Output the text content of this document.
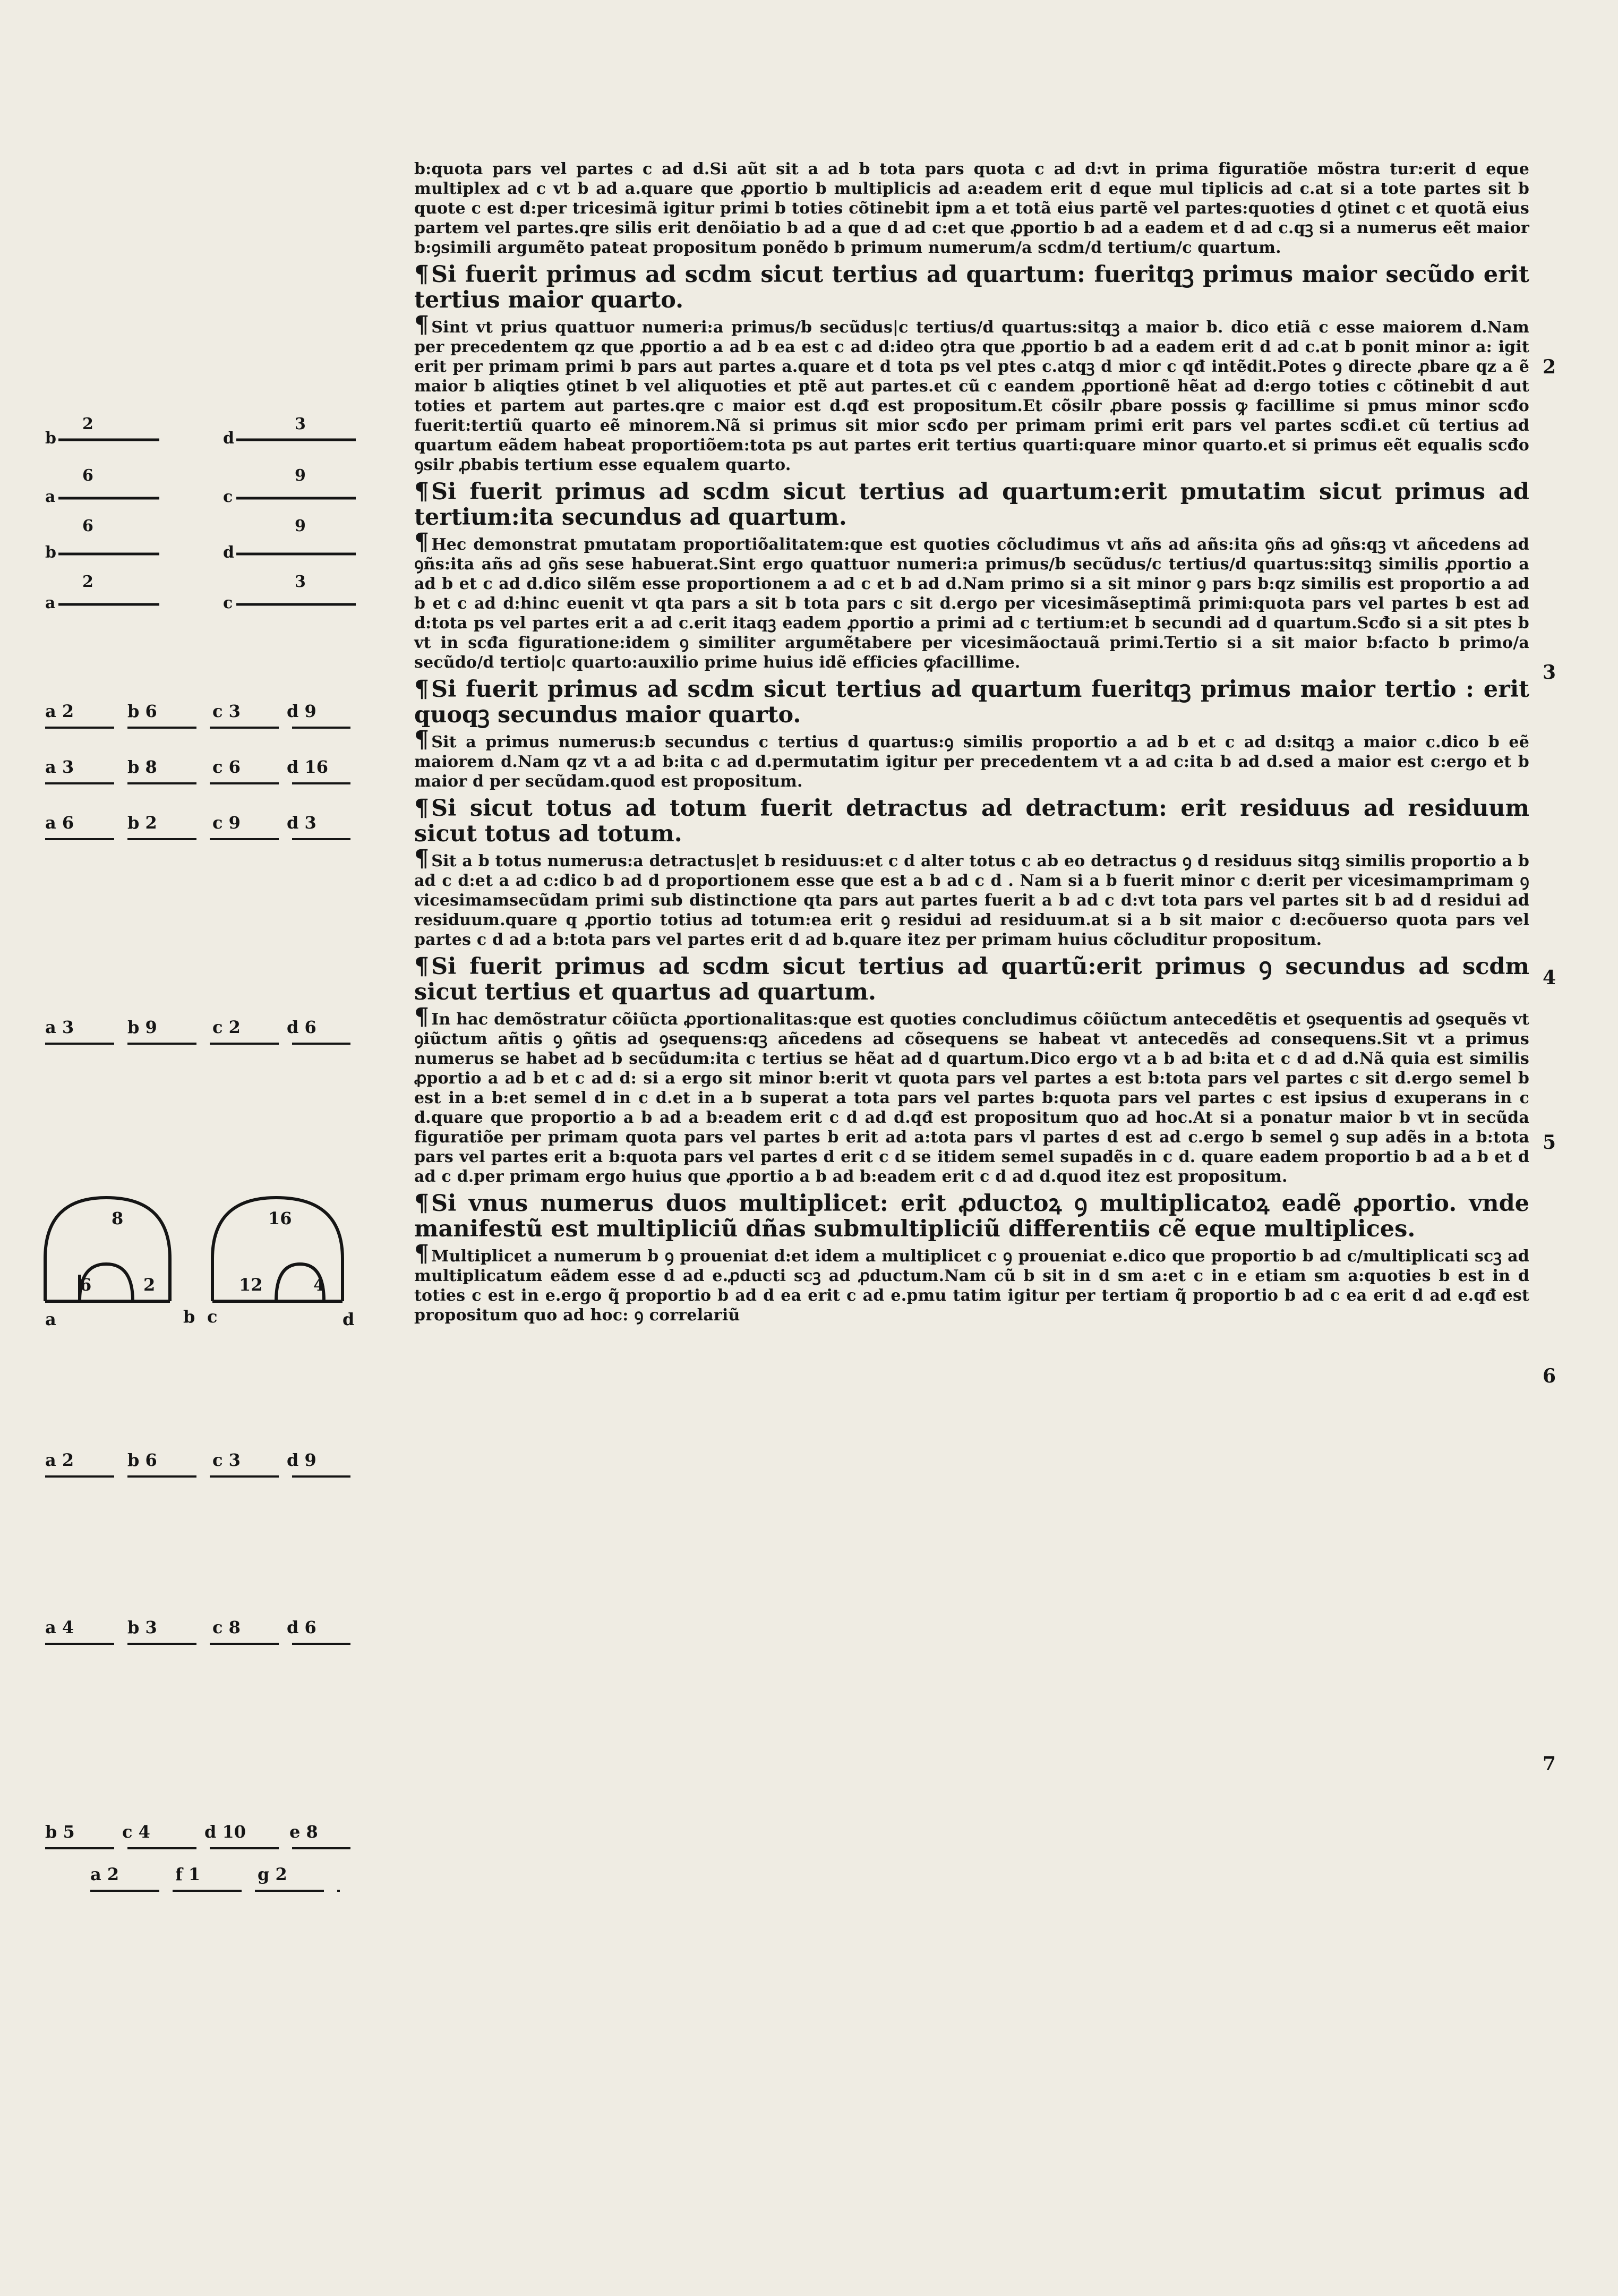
b:quota pars vel partes c ad d.Si aũt sit a ad b tota pars quota c ad d:vt in prima figuratiõe mõstra tur:erit d eque multiplex ad c vt b ad a.quare que ꝓportio b multiplicis ad a:eadem erit d eque mul tiplicis ad c.at si a tote partes sit b quote c est d:per tricesimã igitur primi b toties cõtinebit ipm a et totã eius partẽ vel partes:quoties d ꝯtinet c et quotã eius partem vel partes.qre silis erit denõiatio b ad a que d ad c:et que ꝓportio b ad a eadem et d ad c.qꝫ si a numerus eẽt maior b:ꝯsimili argumẽto pateat propositum ponẽdo b primum numerum/a scdm/d tertium/c quartum.

¶Si fuerit primus ad scdm sicut tertius ad quartum: fueritqꝫ primus maior secũdo erit tertius maior quarto.

¶ Sint vt prius quattuor numeri:a primus/b secũdus|c tertius/d quartus:sitqꝫ a maior b. dico etiã c esse maiorem d.Nam per precedentem qz que ꝓportio a ad b ea est c ad d:ideo ꝯtra que ꝓportio b ad a eadem erit d ad c.at b ponit minor a: igit erit per primam primi b pars aut partes a.quare et d tota ps vel ptes c.atqꝫ d mior c qđ intẽdit.Potes ꝯ directe ꝓbare qz a ẽ maior b aliqties ꝯtinet b vel aliquoties et ptẽ aut partes.et cũ c eandem ꝓportionẽ hẽat ad d:ergo toties c cõtinebit d aut toties et partem aut partes.qre c maior est d.qđ est propositum.Et cõsilr ꝓbare possis ꝙ facillime si pmus minor scđo fuerit:tertiũ quarto eẽ minorem.Nã si primus sit mior scđo per primam primi erit pars vel partes scđi.et cũ tertius ad quartum eãdem habeat proportiõem:tota ps aut partes erit tertius quarti:quare minor quarto.et si primus eẽt equalis scđo ꝯsilr ꝓbabis tertium esse equalem quarto.

¶Si fuerit primus ad scdm sicut tertius ad quartum:erit pmutatim sicut primus ad tertium:ita secundus ad quartum.

¶ Hec demonstrat pmutatam proportiõalitatem:que est quoties cõcludimus vt añs ad añs:ita ꝯñs ad ꝯñs:qꝫ vt añcedens ad ꝯñs:ita añs ad ꝯñs sese habuerat.Sint ergo quattuor numeri:a primus/b secũdus/c tertius/d quartus:sitqꝫ similis ꝓportio a ad b et c ad d.dico silẽm esse proportionem a ad c et b ad d.Nam primo si a sit minor ꝯ pars b:qz similis est proportio a ad b et c ad d:hinc euenit vt qta pars a sit b tota pars c sit d.ergo per vicesimãseptimã primi:quota pars vel partes b est ad d:tota ps vel partes erit a ad c.erit itaqꝫ eadem ꝓportio a primi ad c tertium:et b secundi ad d quartum.Scđo si a sit ptes b vt in scđa figuratione:idem ꝯ similiter argumẽtabere per vicesimãoctauã primi.Tertio si a sit maior b:facto b primo/a secũdo/d tertio|c quarto:auxilio prime huius idẽ efficies ꝙfacillime.

¶Si fuerit primus ad scdm sicut tertius ad quartum fueritqꝫ primus maior tertio : erit quoqꝫ secundus maior quarto.

¶ Sit a primus numerus:b secundus c tertius d quartus:ꝯ similis proportio a ad b et c ad d:sitqꝫ a maior c.dico b eẽ maiorem d.Nam qz vt a ad b:ita c ad d.permutatim igitur per precedentem vt a ad c:ita b ad d.sed a maior est c:ergo et b maior d per secũdam.quod est propositum.

¶Si sicut totus ad totum fuerit detractus ad detractum: erit residuus ad residuum sicut totus ad totum.

¶ Sit a b totus numerus:a detractus|et b residuus:et c d alter totus c ab eo detractus ꝯ d residuus sitqꝫ similis proportio a b ad c d:et a ad c:dico b ad d proportionem esse que est a b ad c d . Nam si a b fuerit minor c d:erit per vicesimamprimam ꝯ vicesimamsecũdam primi sub distinctione qta pars aut partes fuerit a b ad c d:vt tota pars vel partes sit b ad d residui ad residuum.quare q ꝓportio totius ad totum:ea erit ꝯ residui ad residuum.at si a b sit maior c d:ecõuerso quota pars vel partes c d ad a b:tota pars vel partes erit d ad b.quare itez per primam huius cõcluditur propositum.

¶Si fuerit primus ad scdm sicut tertius ad quartũ:erit primus ꝯ secundus ad scdm sicut tertius et quartus ad quartum.

¶ In hac demõstratur cõiũcta ꝓportionalitas:que est quoties concludimus cõiũctum antecedẽtis et ꝯsequentis ad ꝯsequẽs vt ꝯiũctum añtis ꝯ ꝯñtis ad ꝯsequens:qꝫ añcedens ad cõsequens se habeat vt antecedẽs ad consequens.Sit vt a primus numerus se habet ad b secũdum:ita c tertius se hẽat ad d quartum.Dico ergo vt a b ad b:ita et c d ad d.Nã quia est similis ꝓportio a ad b et c ad d: si a ergo sit minor b:erit vt quota pars vel partes a est b:tota pars vel partes c sit d.ergo semel b est in a b:et semel d in c d.et in a b superat a tota pars vel partes b:quota pars vel partes c est ipsius d exuperans in c d.quare que proportio a b ad a b:eadem erit c d ad d.qđ est propositum quo ad hoc.At si a ponatur maior b vt in secũda figuratiõe per primam quota pars vel partes b erit ad a:tota pars vl partes d est ad c.ergo b semel ꝯ sup adẽs in a b:tota pars vel partes erit a b:quota pars vel partes d erit c d se itidem semel supadẽs in c d. quare eadem proportio b ad a b et d ad c d.per primam ergo huius que ꝓportio a b ad b:eadem erit c d ad d.quod itez est propositum.

¶Si vnus numerus duos multiplicet: erit ꝓductoꝝ ꝯ multiplicatoꝝ eadẽ ꝓportio. vnde manifestũ est multipliciũ dñas submultipliciũ differentiis cẽ eque multiplices.

¶ Multiplicet a numerum b ꝯ proueniat d:et idem a multiplicet c ꝯ proueniat e.dico que proportio b ad c/multiplicati scꝫ ad multiplicatum eãdem esse d ad e.ꝓducti scꝫ ad ꝓductum.Nam cũ b sit in d sm a:et c in e etiam sm a:quoties b est in d toties c est in e.ergo q̃ proportio b ad d ea erit c ad e.pmu tatim igitur per tertiam q̃ proportio b ad c ea erit d ad e.qđ est propositum quo ad hoc: ꝯ correlariũ

2
3
4
5
6
7
2	3
b	d
6	9
a	c
6	9
b	d
2	3
a	c
a 2	b 6	c 3	d 9
a 3	b 8	c 6	d 16
a 6	b 2	c 9	d 3
a 3	b 9	c 2	d 6
8
6	2
16
12	4
a	b c	d
a 2	b 6	c 3	d 9
a 4	b 3	c 8	d 6
b 5	c 4	d 10	e 8
a 2	f 1	g 2
